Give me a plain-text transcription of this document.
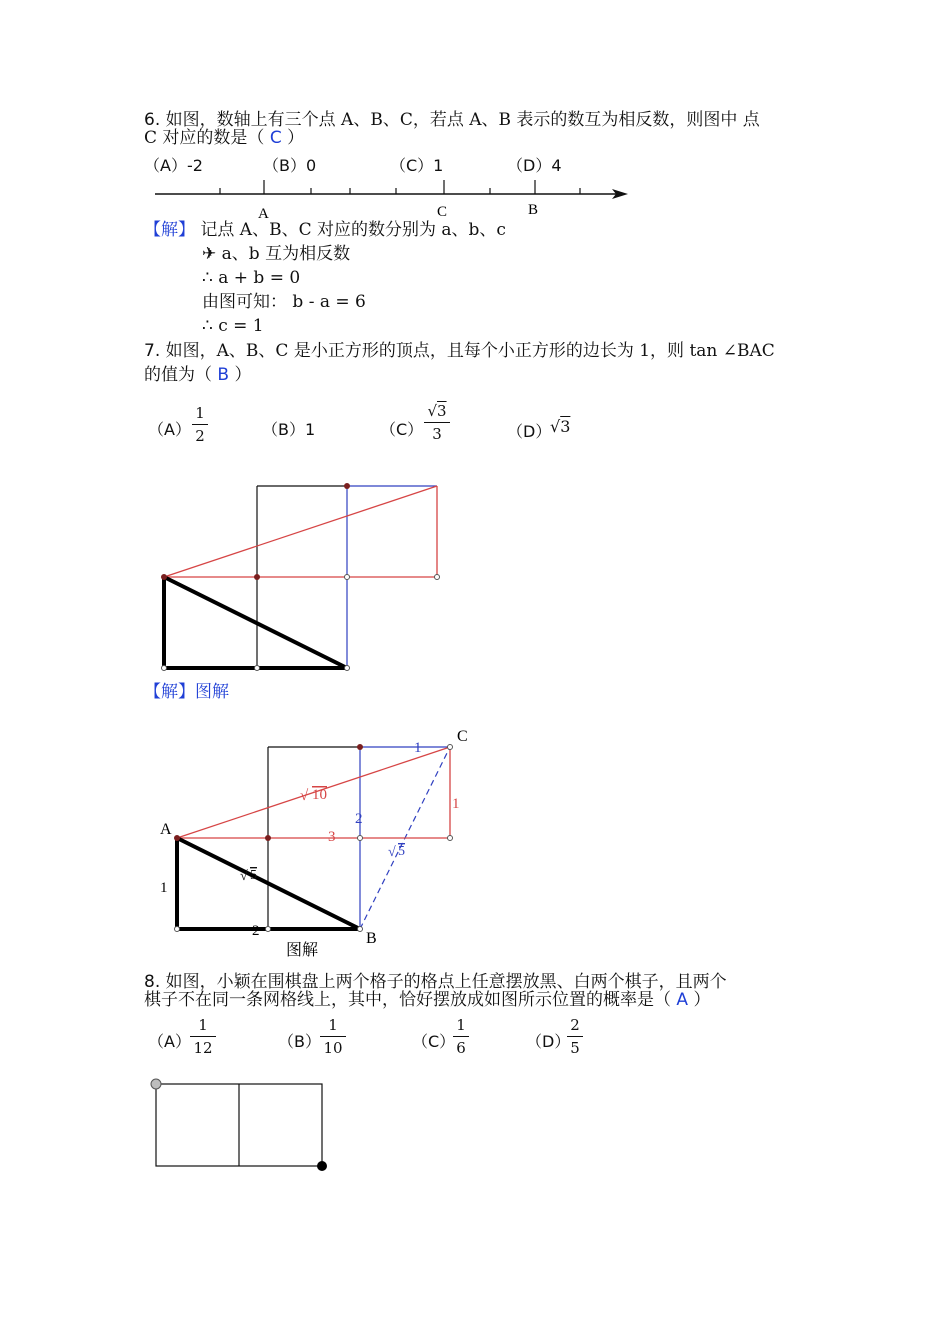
6. 如图，数轴上有三个点 A、B、C，若点 A、B 表示的数互为相反数，则图中 点
C 对应的数是（ C ）
（A）-2	（B）0	（C）1	（D）4
A	C	B
【解】 记点 A、B、C 对应的数分别为 a、b、c
✈ a、b 互为相反数
∴ a + b = 0
由图可知： b - a = 6
∴ c = 1
7. 如图，A、B、C 是小正方形的顶点，且每个小正方形的边长为 1，则 tan ∠BAC
的值为（ B ）
（A）
1
2	（B）1	（C）
√3
3	（D）
√3
【解】图解
A
B
C
1
1
1
2
2
3
√ 10
√ 5
√ 5
图解
8. 如图，小颖在围棋盘上两个格子的格点上任意摆放黑、白两个棋子，且两个
棋子不在同一条网格线上，其中，恰好摆放成如图所示位置的概率是（ A ）
（A）
1
12	（B）
1
10	（C）
1
6	（D）
2
5
